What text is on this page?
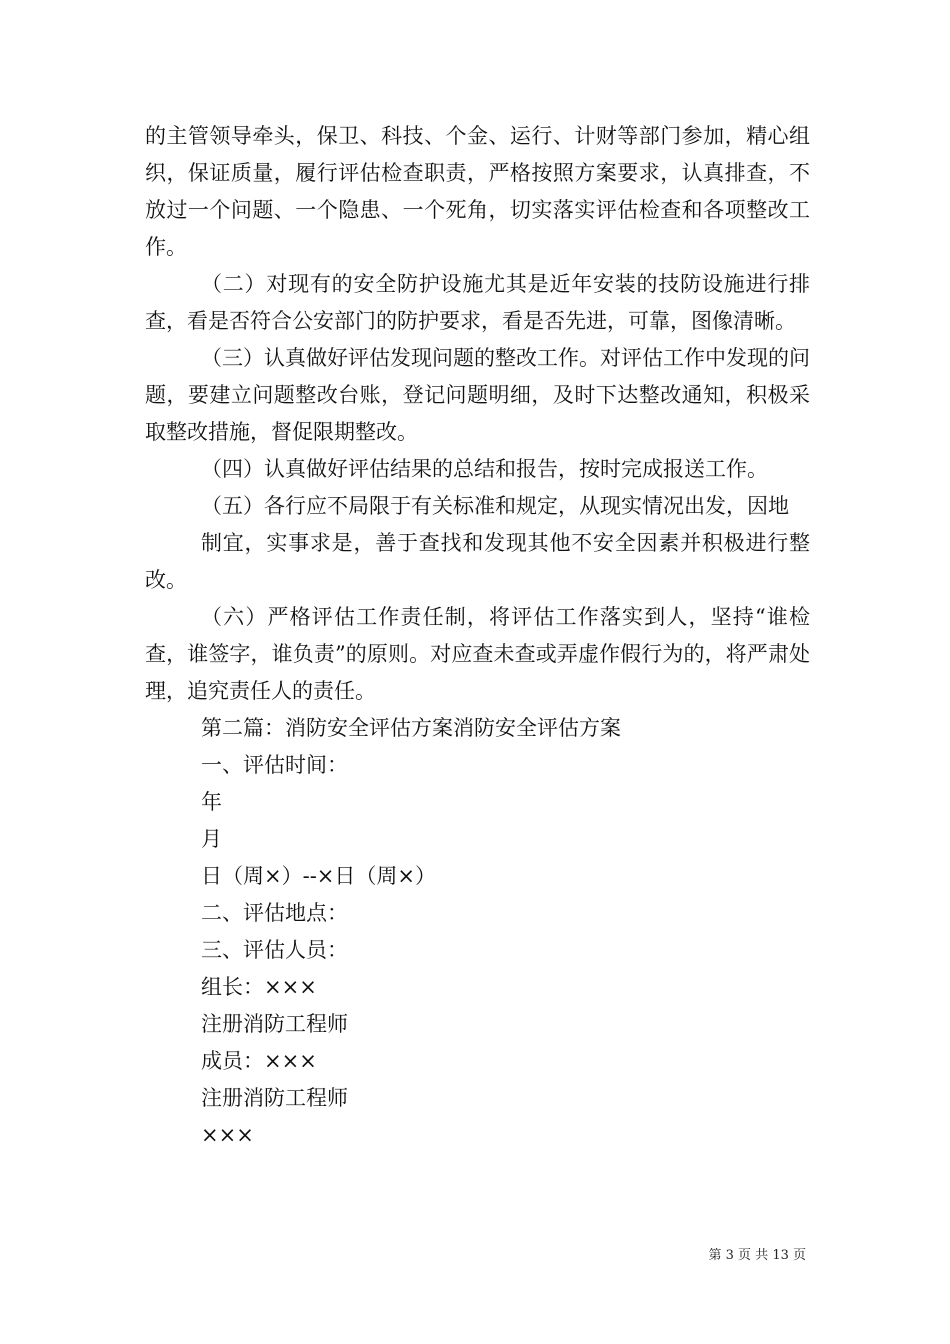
的主管领导牵头，保卫、科技、个金、运行、计财等部门参加，精心组织，保证质量，履行评估检查职责，严格按照方案要求，认真排查，不放过一个问题、一个隐患、一个死角，切实落实评估检查和各项整改工作。

（二）对现有的安全防护设施尤其是近年安装的技防设施进行排查，看是否符合公安部门的防护要求，看是否先进，可靠，图像清晰。

（三）认真做好评估发现问题的整改工作。对评估工作中发现的问题，要建立问题整改台账，登记问题明细，及时下达整改通知，积极采取整改措施，督促限期整改。

（四）认真做好评估结果的总结和报告，按时完成报送工作。

（五）各行应不局限于有关标准和规定，从现实情况出发，因地

制宜，实事求是，善于查找和发现其他不安全因素并积极进行整改。

（六）严格评估工作责任制，将评估工作落实到人，坚持“谁检查，谁签字，谁负责”的原则。对应查未查或弄虚作假行为的，将严肃处理，追究责任人的责任。

第二篇：消防安全评估方案消防安全评估方案
一、评估时间：
年
月
日（周×）--×日（周×）
二、评估地点：
三、评估人员：
组长：×××
注册消防工程师
成员：×××
注册消防工程师
×××
第 3 页 共 13 页
